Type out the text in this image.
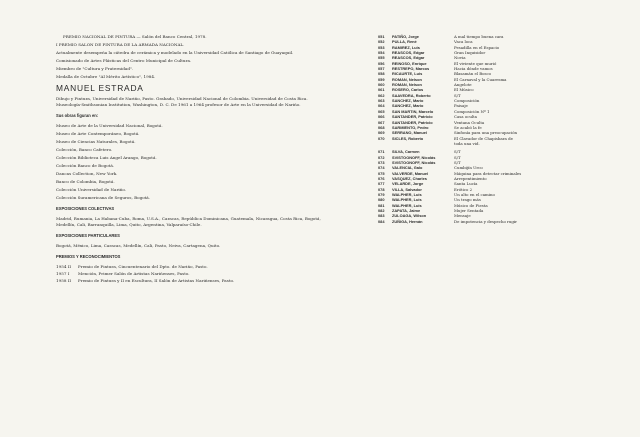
PREMIO NACIONAL DE PINTURA — Salón del Banco Central, 1978.

I PREMIO SALON DE PINTURA DE LA ARMADA NACIONAL.

Actualmente desempeña la cátedra de cerámica y modelado en la Universidad Católica de Santiago de Guayaquil.

Comisionado de Artes Plásticas del Centro Municipal de Cultura.

Miembro de "Cultura y Fraternidad".

Medalla de Octubre "Al Mérito Artístico", 1984.

MANUEL ESTRADA

Dibujo y Pintura, Universidad de Nariño, Pasto. Grabado, Universidad Nacional de Colombia. Universidad de Costa Rica. Museología-Smithsonian Institution, Washington, D. C. De 1961 a 1964 profesor de Arte en la Universidad de Nariño.

Sus obras figuran en:

Museo de Arte de la Universidad Nacional, Bogotá.

Museo de Arte Contemporáneo, Bogotá.

Museo de Ciencias Naturales, Bogotá.

Colección, Banco Cafetero.

Colección Biblioteca Luis Angel Arango, Bogotá.

Colección Banco de Bogotá.

Dancas Collection, New York.

Banco de Colombia, Bogotá.

Colección Universidad de Nariño.

Colección Suramericana de Seguros, Bogotá.

EXPOSICIONES COLECTIVAS

Madrid, Rumania, La Habana-Cuba, Roma, U.S.A., Caracas, República Dominicana, Guatemala, Nicaragua, Costa Rica, Bogotá, Medellín, Cali, Barranquilla, Lima, Quito, Argentina, Valparaíso-Chile.

EXPOSICIONES PARTICULARES

Bogotá, México, Lima, Caracas, Medellín, Cali, Pasto, Neiva, Cartagena, Quito.

PREMIOS Y RECONOCIMIENTOS
1954 II	Premio de Pintura, Cincuentenario del Dpto. de Nariño, Pasto.
1957 I	Mención, Primer Salón de Artistas Nariñenses, Pasto.
1958 II	Premio de Pintura y II en Escultura, II Salón de Artistas Nariñenses, Pasto.
051	PATIÑO, Jorge	A mal tiempo buena cara
052	PULLA, René	Vaca loca
053	RAMIREZ, Luis	Pesadilla en el Espacio
054	REASCOS, Edgar	Gran Inquisidor
055	REASCOS, Edgar	Novia
056	REINOSO, Enrique	El viviente que murió
057	RESTREPO, Marcos	Hacia dónde vamos
058	RICAURTE, Luis	Blasamán el Bosco
059	ROMAN, Nelson	El Carnaval y la Cuaresma
060	ROMAN, Nelson	Angelote
061	ROSERO, Carlos	El Músico
062	SAAVEDRA, Roberto	S/T
063	SANCHEZ, Mario	Composición
064	SANCHEZ, Mario	Paisaje
065	SAN MARTIN, Marcelo	Composición Nº 1
066	SANTANDER, Patricio	Casa oculta
067	SANTANDER, Patricio	Ventana Oculta
068	SARMIENTO, Pedro	Se acabó la fe
069	SERRANO, Manuel	Sinfonía para una preocupación
070	SICLES, Roberto	El Clavador de Chapisbara de
toda una vid.
071	SILVA, Carmen	S/T
072	SVISTOONOFF, Nicolás	S/T
073	SVISTOONOFF, Nicolás	S/T
074	VALENCIA, Galo	Cumbijín Urco
075	VALVERDE, Manuel	Máquina para detectar criminales
076	VASQUEZ, Charles	Arrepentimiento
077	VELARDE, Jorge	Santa Lucía
078	VILLA, Salvador	Erótico 2
079	WALPHER, Luis	Un alto en el camino
080	WALPHER, Luis	Un trago más
081	WALPHER, Luis	Músico de Fiesta
082	ZAPATA, Jaime	Mujer Sentada
083	ZULOAGA, Wilson	Mensaje
084	ZUÑIGA, Hernán	De impotencia y despecho rugir
